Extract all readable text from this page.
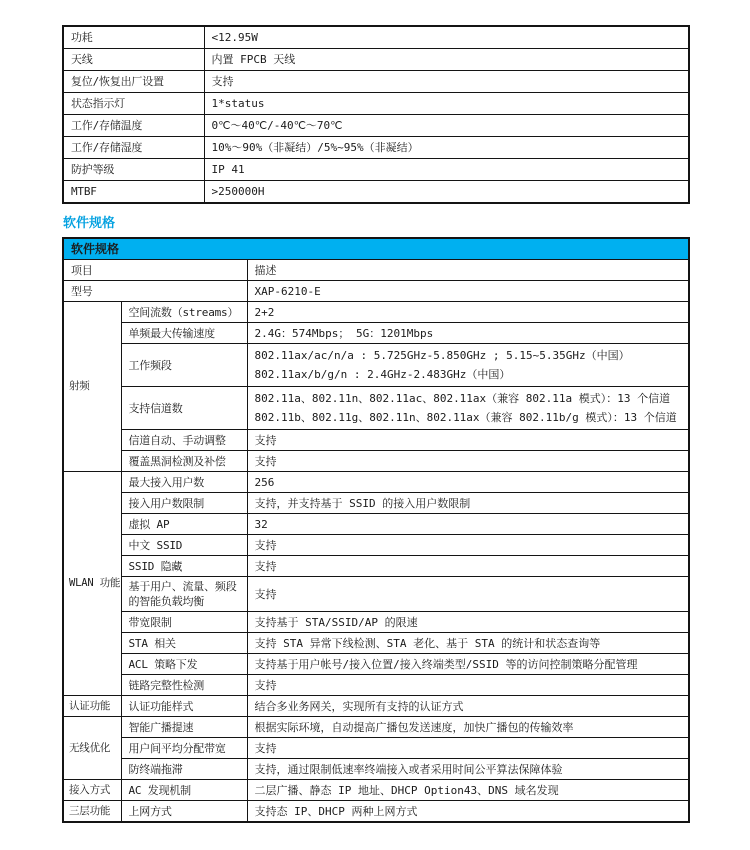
功耗	<12.95W
天线	内置 FPCB 天线
复位/恢复出厂设置	支持
状态指示灯	1*status
工作/存储温度	0℃～40℃/-40℃～70℃
工作/存储湿度	10%～90%（非凝结）/5%~95%（非凝结）
防护等级	IP 41
MTBF	>250000H
软件规格
软件规格		
项目		描述
型号		XAP-6210-E
射频	空间流数（streams）	2+2
	单频最大传输速度	2.4G：574Mbps； 5G：1201Mbps
	工作频段	802.11ax/ac/n/a : 5.725GHz-5.850GHz ; 5.15~5.35GHz（中国）
802.11ax/b/g/n : 2.4GHz-2.483GHz（中国）

	支持信道数	802.11a、802.11n、802.11ac、802.11ax（兼容 802.11a 模式）：13 个信道
802.11b、802.11g、802.11n、802.11ax（兼容 802.11b/g 模式）：13 个信道

	信道自动、手动调整	支持
	覆盖黑洞检测及补偿	支持
WLAN 功能	最大接入用户数	256
	接入用户数限制	支持，并支持基于 SSID 的接入用户数限制
	虚拟 AP	32
	中文 SSID	支持
	SSID 隐藏	支持
	基于用户、流量、频段的智能负载均衡	支持
	带宽限制	支持基于 STA/SSID/AP 的限速
	STA 相关	支持 STA 异常下线检测、STA 老化、基于 STA 的统计和状态查询等
	ACL 策略下发	支持基于用户帐号/接入位置/接入终端类型/SSID 等的访问控制策略分配管理
	链路完整性检测	支持
认证功能	认证功能样式	结合多业务网关，实现所有支持的认证方式
无线优化	智能广播提速	根据实际环境，自动提高广播包发送速度，加快广播包的传输效率
	用户间平均分配带宽	支持
	防终端拖滞	支持，通过限制低速率终端接入或者采用时间公平算法保障体验
接入方式	AC 发现机制	二层广播、静态 IP 地址、DHCP Option43、DNS 域名发现
三层功能	上网方式	支持态 IP、DHCP 两种上网方式
